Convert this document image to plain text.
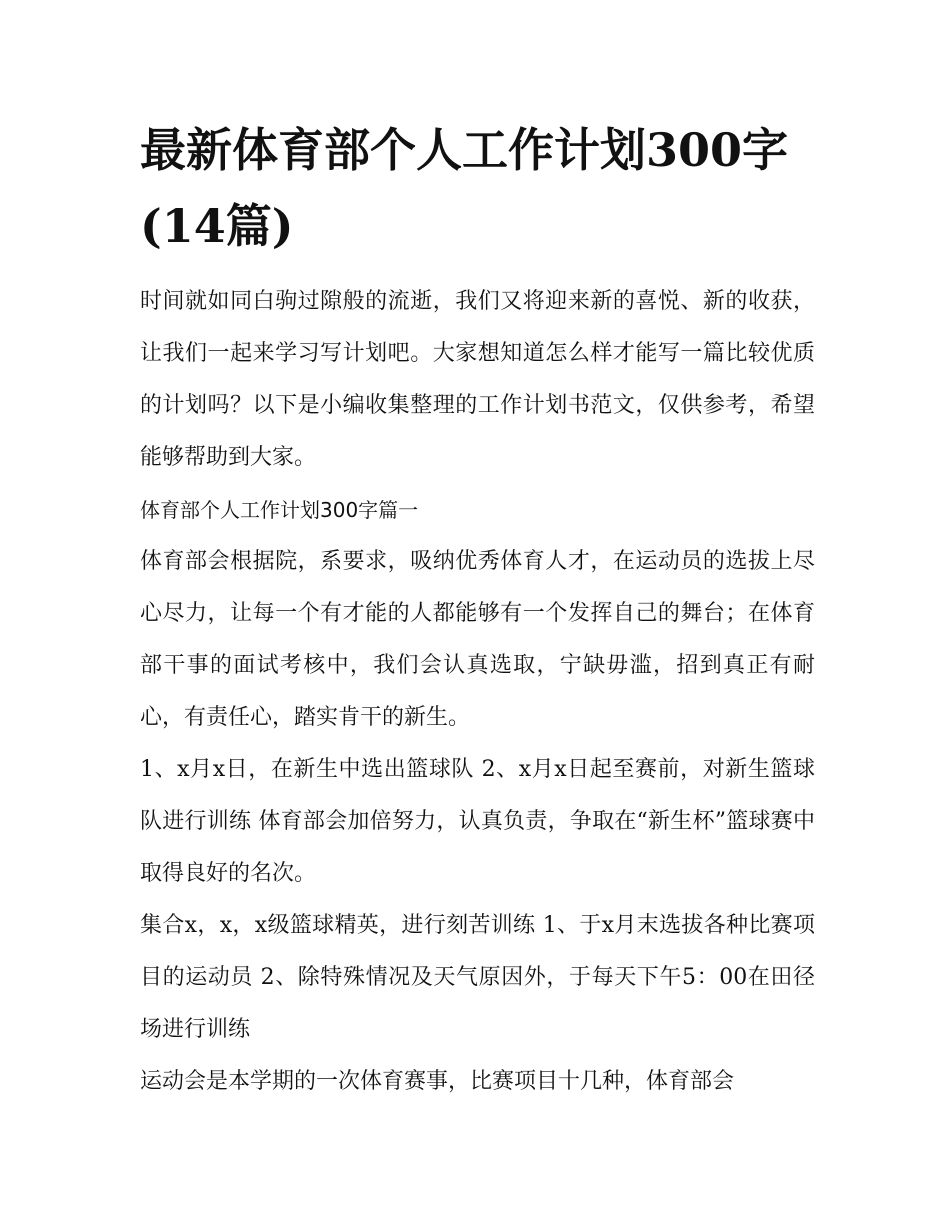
最新体育部个人工作计划300字(14篇)

时间就如同白驹过隙般的流逝，我们又将迎来新的喜悦、新的收获，让我们一起来学习写计划吧。大家想知道怎么样才能写一篇比较优质的计划吗？以下是小编收集整理的工作计划书范文，仅供参考，希望能够帮助到大家。

体育部个人工作计划300字篇一

体育部会根据院，系要求，吸纳优秀体育人才，在运动员的选拔上尽心尽力，让每一个有才能的人都能够有一个发挥自己的舞台；在体育部干事的面试考核中，我们会认真选取，宁缺毋滥，招到真正有耐心，有责任心，踏实肯干的新生。

1、x月x日，在新生中选出篮球队 2、x月x日起至赛前，对新生篮球队进行训练 体育部会加倍努力，认真负责，争取在“新生杯”篮球赛中取得良好的名次。

集合x，x，x级篮球精英，进行刻苦训练 1、于x月末选拔各种比赛项目的运动员 2、除特殊情况及天气原因外，于每天下午5：00在田径场进行训练

运动会是本学期的一次体育赛事，比赛项目十几种，体育部会
